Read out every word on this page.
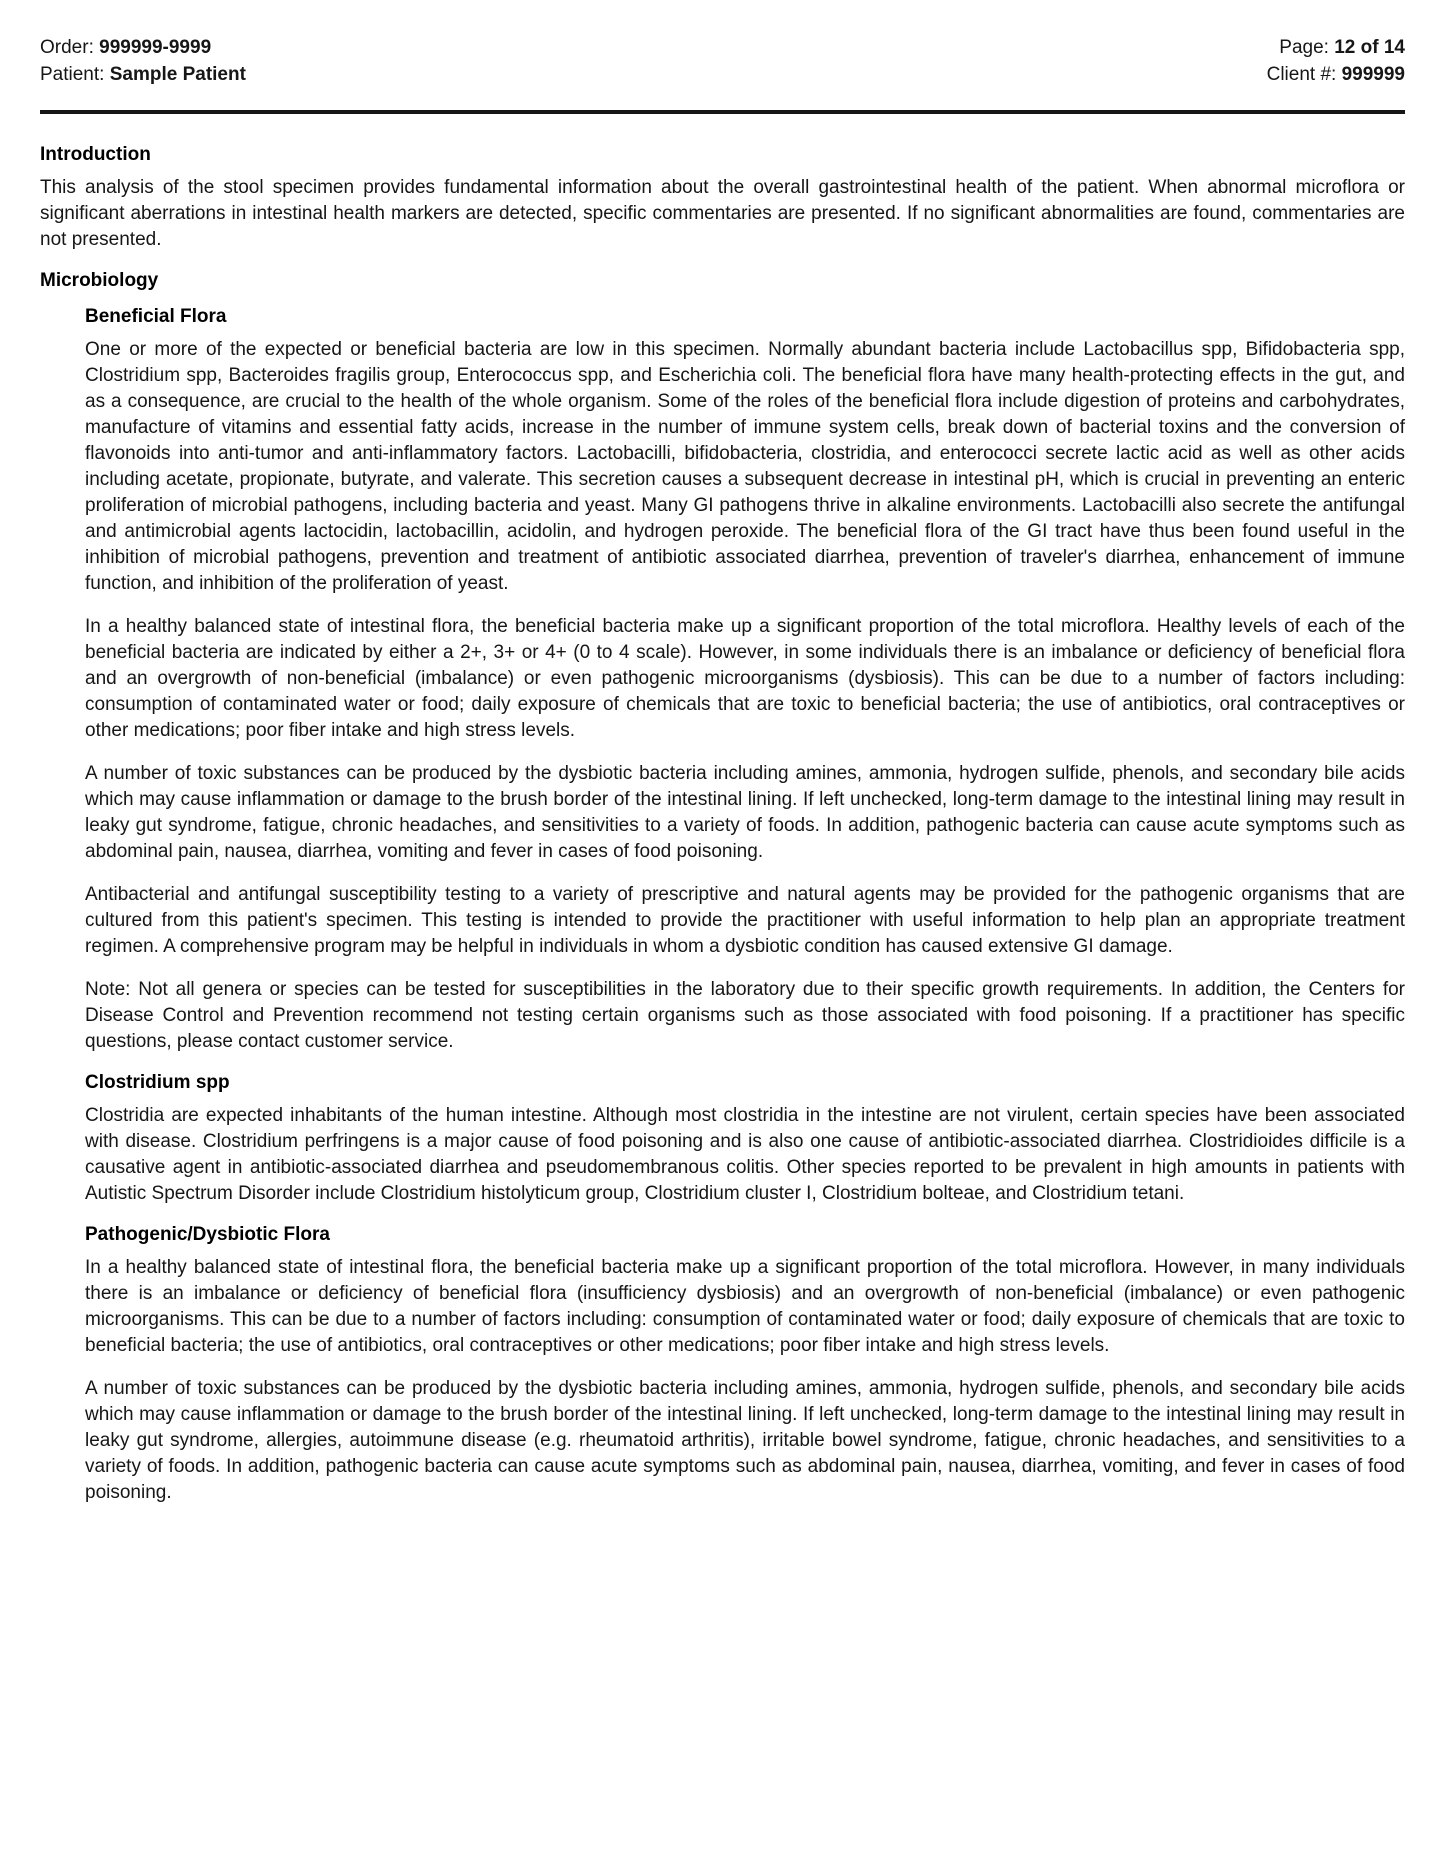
Order: 999999-9999
Patient: Sample Patient
Page: 12 of 14
Client #: 999999
Introduction

This analysis of the stool specimen provides fundamental information about the overall gastrointestinal health of the patient. When abnormal microflora or significant aberrations in intestinal health markers are detected, specific commentaries are presented. If no significant abnormalities are found, commentaries are not presented.

Microbiology
Beneficial Flora

One or more of the expected or beneficial bacteria are low in this specimen. Normally abundant bacteria include Lactobacillus spp, Bifidobacteria spp, Clostridium spp, Bacteroides fragilis group, Enterococcus spp, and Escherichia coli. The beneficial flora have many health-protecting effects in the gut, and as a consequence, are crucial to the health of the whole organism. Some of the roles of the beneficial flora include digestion of proteins and carbohydrates, manufacture of vitamins and essential fatty acids, increase in the number of immune system cells, break down of bacterial toxins and the conversion of flavonoids into anti-tumor and anti-inflammatory factors. Lactobacilli, bifidobacteria, clostridia, and enterococci secrete lactic acid as well as other acids including acetate, propionate, butyrate, and valerate. This secretion causes a subsequent decrease in intestinal pH, which is crucial in preventing an enteric proliferation of microbial pathogens, including bacteria and yeast. Many GI pathogens thrive in alkaline environments. Lactobacilli also secrete the antifungal and antimicrobial agents lactocidin, lactobacillin, acidolin, and hydrogen peroxide. The beneficial flora of the GI tract have thus been found useful in the inhibition of microbial pathogens, prevention and treatment of antibiotic associated diarrhea, prevention of traveler's diarrhea, enhancement of immune function, and inhibition of the proliferation of yeast.

In a healthy balanced state of intestinal flora, the beneficial bacteria make up a significant proportion of the total microflora. Healthy levels of each of the beneficial bacteria are indicated by either a 2+, 3+ or 4+ (0 to 4 scale). However, in some individuals there is an imbalance or deficiency of beneficial flora and an overgrowth of non-beneficial (imbalance) or even pathogenic microorganisms (dysbiosis). This can be due to a number of factors including: consumption of contaminated water or food; daily exposure of chemicals that are toxic to beneficial bacteria; the use of antibiotics, oral contraceptives or other medications; poor fiber intake and high stress levels.

A number of toxic substances can be produced by the dysbiotic bacteria including amines, ammonia, hydrogen sulfide, phenols, and secondary bile acids which may cause inflammation or damage to the brush border of the intestinal lining. If left unchecked, long-term damage to the intestinal lining may result in leaky gut syndrome, fatigue, chronic headaches, and sensitivities to a variety of foods. In addition, pathogenic bacteria can cause acute symptoms such as abdominal pain, nausea, diarrhea, vomiting and fever in cases of food poisoning.

Antibacterial and antifungal susceptibility testing to a variety of prescriptive and natural agents may be provided for the pathogenic organisms that are cultured from this patient's specimen. This testing is intended to provide the practitioner with useful information to help plan an appropriate treatment regimen. A comprehensive program may be helpful in individuals in whom a dysbiotic condition has caused extensive GI damage.

Note: Not all genera or species can be tested for susceptibilities in the laboratory due to their specific growth requirements. In addition, the Centers for Disease Control and Prevention recommend not testing certain organisms such as those associated with food poisoning. If a practitioner has specific questions, please contact customer service.

Clostridium spp

Clostridia are expected inhabitants of the human intestine. Although most clostridia in the intestine are not virulent, certain species have been associated with disease. Clostridium perfringens is a major cause of food poisoning and is also one cause of antibiotic-associated diarrhea. Clostridioides difficile is a causative agent in antibiotic-associated diarrhea and pseudomembranous colitis. Other species reported to be prevalent in high amounts in patients with Autistic Spectrum Disorder include Clostridium histolyticum group, Clostridium cluster I, Clostridium bolteae, and Clostridium tetani.

Pathogenic/Dysbiotic Flora

In a healthy balanced state of intestinal flora, the beneficial bacteria make up a significant proportion of the total microflora. However, in many individuals there is an imbalance or deficiency of beneficial flora (insufficiency dysbiosis) and an overgrowth of non-beneficial (imbalance) or even pathogenic microorganisms. This can be due to a number of factors including: consumption of contaminated water or food; daily exposure of chemicals that are toxic to beneficial bacteria; the use of antibiotics, oral contraceptives or other medications; poor fiber intake and high stress levels.

A number of toxic substances can be produced by the dysbiotic bacteria including amines, ammonia, hydrogen sulfide, phenols, and secondary bile acids which may cause inflammation or damage to the brush border of the intestinal lining. If left unchecked, long-term damage to the intestinal lining may result in leaky gut syndrome, allergies, autoimmune disease (e.g. rheumatoid arthritis), irritable bowel syndrome, fatigue, chronic headaches, and sensitivities to a variety of foods. In addition, pathogenic bacteria can cause acute symptoms such as abdominal pain, nausea, diarrhea, vomiting, and fever in cases of food poisoning.
